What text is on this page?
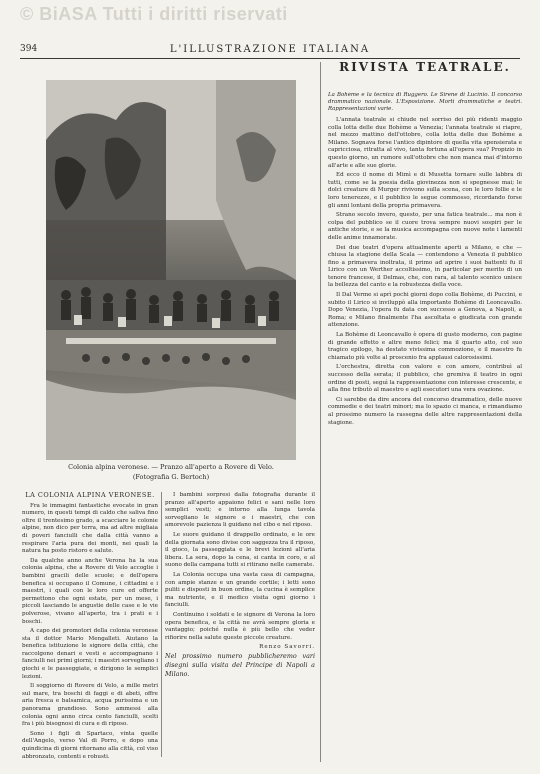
© BiASA Tutti i diritti riservati
394	L'ILLUSTRAZIONE ITALIANA
Colonia alpina veronese. — Pranzo all'aperto a Rovere di Velo.
(Fotografia G. Bertoch)
LA COLONIA ALPINA VERONESE.

Fra le immagini fantastiche evocate in gran numero, in questi tempi di caldo che saliva fino oltre il trentesimo grado, a scacciare le colonie alpine, non dico per terra, ma ad altre migliaia di poveri fanciulli che dalla città vanno a respirare l'aria pura dei monti, nei quali la natura ha posto ristoro e salute.

Da qualche anno anche Verona ha la sua colonia alpina, che a Rovere di Velo accoglie i bambini gracili delle scuole; e dell'opera benefica si occupano il Comune, i cittadini e i maestri, i quali con le loro cure ed offerte permettono che ogni estate, per un mese, i piccoli lasciando le angustie delle case e le vie polverose, vivano all'aperto, tra i prati e i boschi.

A capo dei promotori della colonia veronese sta il dottor Mario Mengalleti. Aiutano la benefica istituzione le signore della città, che raccolgono denari e vesti e accompagnano i fanciulli nei primi giorni; i maestri sorvegliano i giochi e le passeggiate, e dirigono le semplici lezioni.

Il soggiorno di Rovere di Velo, a mille metri sul mare, tra boschi di faggi e di abeti, offre aria fresca e balsamica, acqua purissima e un panorama grandioso. Sono ammessi alla colonia ogni anno circa cento fanciulli, scelti fra i più bisognosi di cura e di riposo.

Sono i figli di Spartaco, vinta quelle dell'Angelo, verso Val di Porro, e dopo una quindicina di giorni ritornano alla città, col viso abbronzato, contenti e robusti.

I bambini sorpresi dalla fotografia durante il pranzo all'aperto appaiono felici e sani nelle loro semplici vesti; e intorno alla lunga tavola sorvegliano le signore e i maestri, che con amorevole pazienza li guidano nel cibo e nel riposo.

Le suore guidano il drappello ordinato, e le ore della giornata sono divise con saggezza tra il riposo, il gioco, la passeggiata e le brevi lezioni all'aria libera. La sera, dopo la cena, si canta in coro, e al suono della campana tutti si ritirano nelle camerate.

La Colonia occupa una vasta casa di campagna, con ampie stanze e un grande cortile; i letti sono puliti e disposti in buon ordine, la cucina è semplice ma nutriente, e il medico visita ogni giorno i fanciulli.

Continuino i soldati e le signore di Verona la loro opera benefica, e la città ne avrà sempre gloria e vantaggio; poiché nulla è più bello che veder rifiorire nella salute queste piccole creature.

Renzo Savorri.
Nel prossimo numero pubblicheremo vari disegni sulla visita del Principe di Napoli a Milano.
RIVISTA TEATRALE.
La Bohème e la tecnica di Ruggero. Le Sirene di Lucinio. Il concorso drammatico nazionale. L'Esposizione. Morti drammatiche e teatri. Rappresentazioni varie.

L'annata teatrale si chiude nel sorriso dei più ridenti maggio colla lotta delle due Bohème a Venezia; l'annata teatrale si riapre, nel mezzo mattino dell'ottobre, colla lotta delle due Bohème a Milano. Sognava forse l'antico dipintore di quella vita spensierata e capricciosa, ritratta al vivo, tanta fortuna all'opera sua? Propizio in questo giorno, un rumore sull'ottobre che non manca mai d'intorno all'arte e alle sue glorie.

Ed ecco il nome di Mimì e di Musetta tornare sulle labbra di tutti, come se la poesia della giovinezza non si spegnesse mai; le dolci creature di Murger rivivono sulla scena, con le loro follie e le loro tenerezze, e il pubblico le segue commosso, ricordando forse gli anni lontani della propria primavera.

Strano secolo invero, questo, per una fatica teatrale... ma non è colpa del pubblico se il cuore trova sempre nuovi sospiri per le antiche storie, e se la musica accompagna con nuove note i lamenti delle anime innamorate.

Dei due teatri d'opera attualmente aperti a Milano, e che — chiusa la stagione della Scala — contendono a Venezia il pubblico fino a primavera inoltrata, il primo ad aprire i suoi battenti fu il Lirico con un Werther accoltissimo, in particolar per merito di un tenore francese, il Delmas, che, con rara, al talento scenico unisce la bellezza del canto e la robustezza della voce.

Il Dal Verme si aprì pochi giorni dopo colla Bohème, di Puccini, e subito il Lirico si inviluppò alla importante Bohème di Leoncavallo. Dopo Venezia, l'opera fu data con successo a Genova, a Napoli, a Roma; e Milano finalmente l'ha ascoltata e giudicata con grande attenzione.

La Bohème di Leoncavallo è opera di gusto moderno, con pagine di grande effetto e altre meno felici; ma il quarto atto, col suo tragico epilogo, ha destato vivissima commozione, e il maestro fu chiamato più volte al proscenio fra applausi calorosissimi.

L'orchestra, diretta con valore e con amore, contribuì al successo della serata; il pubblico, che gremiva il teatro in ogni ordine di posti, seguì la rappresentazione con interesse crescente, e alla fine tributò al maestro e agli esecutori una vera ovazione.

Ci sarebbe da dire ancora del concorso drammatico, delle nuove commedie e dei teatri minori; ma lo spazio ci manca, e rimandiamo al prossimo numero la rassegna delle altre rappresentazioni della stagione.
